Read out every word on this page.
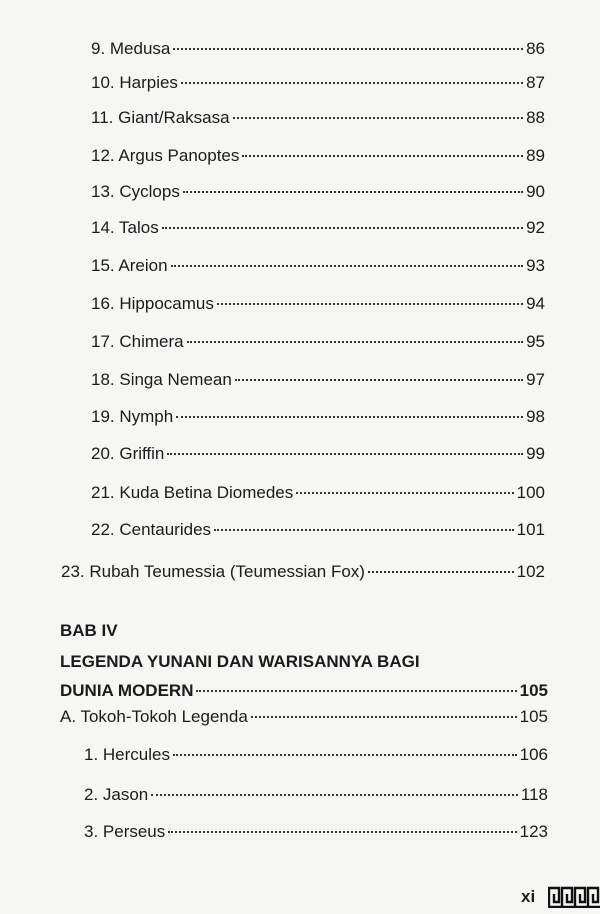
9. Medusa	86
10. Harpies	87
11. Giant/Raksasa	88
12. Argus Panoptes	89
13. Cyclops	90
14. Talos	92
15. Areion	93
16. Hippocamus	94
17. Chimera	95
18. Singa Nemean	97
19. Nymph	98
20. Griffin	99
21. Kuda Betina Diomedes	100
22. Centaurides	101
23. Rubah Teumessia (Teumessian Fox)	102
BAB IV
LEGENDA YUNANI DAN WARISANNYA BAGI
DUNIA MODERN	105
A. Tokoh-Tokoh Legenda	105
1. Hercules	106
2. Jason	118
3. Perseus	123
xi
